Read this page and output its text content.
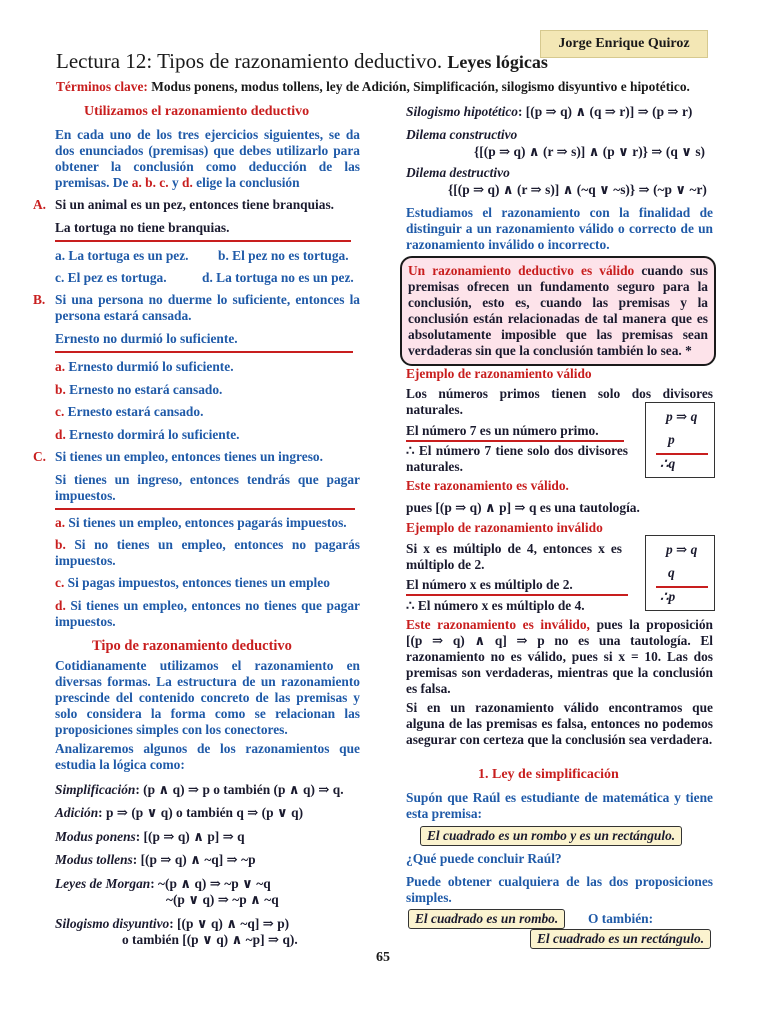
Jorge Enrique Quiroz
Lectura 12: Tipos de razonamiento deductivo. Leyes lógicas
Términos clave: Modus ponens, modus tollens, ley de Adición, Simplificación, silogismo disyuntivo e hipotético.
Utilizamos el razonamiento deductivo
En cada uno de los tres ejercicios siguientes, se da dos enunciados (premisas) que debes utilizarlo para obtener la conclusión como deducción de las premisas. De a. b. c. y d. elige la conclusión
A. Si un animal es un pez, entonces tiene branquias.
La tortuga no tiene branquias.
a. La tortuga es un pez. b. El pez no es tortuga.
c. El pez es tortuga.	d. La tortuga no es un pez.
B. Si una persona no duerme lo suficiente, entonces la persona estará cansada.
Ernesto no durmió lo suficiente.
a. Ernesto durmió lo suficiente.
b. Ernesto no estará cansado.
c. Ernesto estará cansado.
d. Ernesto dormirá lo suficiente.
C. Si tienes un empleo, entonces tienes un ingreso.
Si tienes un ingreso, entonces tendrás que pagar impuestos.
a. Si tienes un empleo, entonces pagarás impuestos.
b. Si no tienes un empleo, entonces no pagarás impuestos.
c. Si pagas impuestos, entonces tienes un empleo
d. Si tienes un empleo, entonces no tienes que pagar impuestos.
Tipo de razonamiento deductivo
Cotidianamente utilizamos el razonamiento en diversas formas. La estructura de un razonamiento prescinde del contenido concreto de las premisas y solo considera la forma como se relacionan las proposiciones simples con los conectores.
Analizaremos algunos de los razonamientos que estudia la lógica como:
Simplificación: (p ∧ q) ⇒ p o también (p ∧ q) ⇒ q.
Adición: p ⇒ (p ∨ q) o también q ⇒ (p ∨ q)
Modus ponens: [(p ⇒ q) ∧ p] ⇒ q
Modus tollens: [(p ⇒ q) ∧ ~q] ⇒ ~p
Leyes de Morgan: ~(p ∧ q) ⇒ ~p ∨ ~q
~(p ∨ q) ⇒ ~p ∧ ~q
Silogismo disyuntivo: [(p ∨ q) ∧ ~q] ⇒ p)
o también [(p ∨ q) ∧ ~p] ⇒ q).
Silogismo hipotético: [(p ⇒ q) ∧ (q ⇒ r)] ⇒ (p ⇒ r)
Dilema constructivo
{[(p ⇒ q) ∧ (r ⇒ s)] ∧ (p ∨ r)} ⇒ (q ∨ s)
Dilema destructivo
{[(p ⇒ q) ∧ (r ⇒ s)] ∧ (~q ∨ ~s)} ⇒ (~p ∨ ~r)
Estudiamos el razonamiento con la finalidad de distinguir a un razonamiento válido o correcto de un razonamiento inválido o incorrecto.
Un razonamiento deductivo es válido cuando sus premisas ofrecen un fundamento seguro para la conclusión, esto es, cuando las premisas y la conclusión están relacionadas de tal manera que es absolutamente imposible que las premisas sean verdaderas sin que la conclusión también lo sea. *
Ejemplo de razonamiento válido
Los números primos tienen solo dos divisores naturales.
El número 7 es un número primo.
∴ El número 7 tiene solo dos divisores naturales.
p ⇒ q
p
∴q
Este razonamiento es válido.
pues [(p ⇒ q) ∧ p] ⇒ q es una tautología.
Ejemplo de razonamiento inválido
Si x es múltiplo de 4, entonces x es múltiplo de 2.
El número x es múltiplo de 2.
∴ El número x es múltiplo de 4.
p ⇒ q
q
∴p
Este razonamiento es inválido, pues la proposición [(p ⇒ q) ∧ q] ⇒ p no es una tautología. El razonamiento no es válido, pues si x = 10. Las dos premisas son verdaderas, mientras que la conclusión es falsa.
Si en un razonamiento válido encontramos que alguna de las premisas es falsa, entonces no podemos asegurar con certeza que la conclusión sea verdadera.
1. Ley de simplificación
Supón que Raúl es estudiante de matemática y tiene esta premisa:
El cuadrado es un rombo y es un rectángulo.
¿Qué puede concluir Raúl?
Puede obtener cualquiera de las dos proposiciones simples.
El cuadrado es un rombo.	O también:
El cuadrado es un rectángulo.
65
